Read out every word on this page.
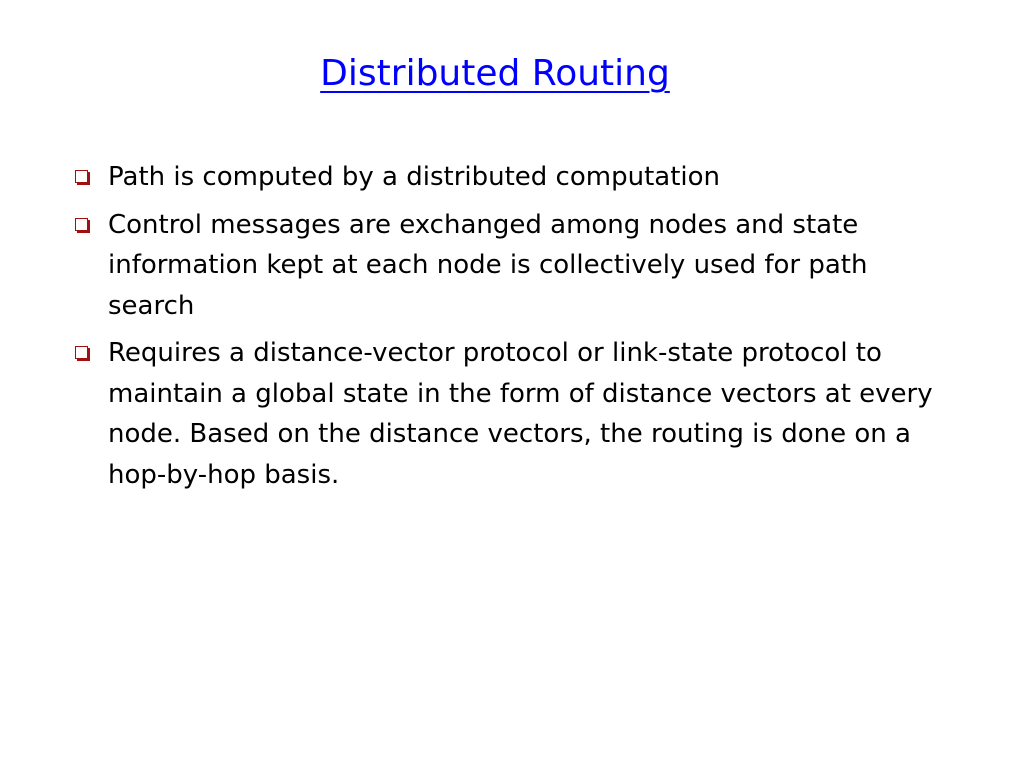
Distributed Routing
Path is computed by a distributed computation
Control messages are exchanged among nodes and state information kept at each node is collectively used for path search
Requires a distance-vector protocol or link-state protocol to maintain a global state in the form of distance vectors at every node. Based on the distance vectors, the routing is done on a hop-by-hop basis.
